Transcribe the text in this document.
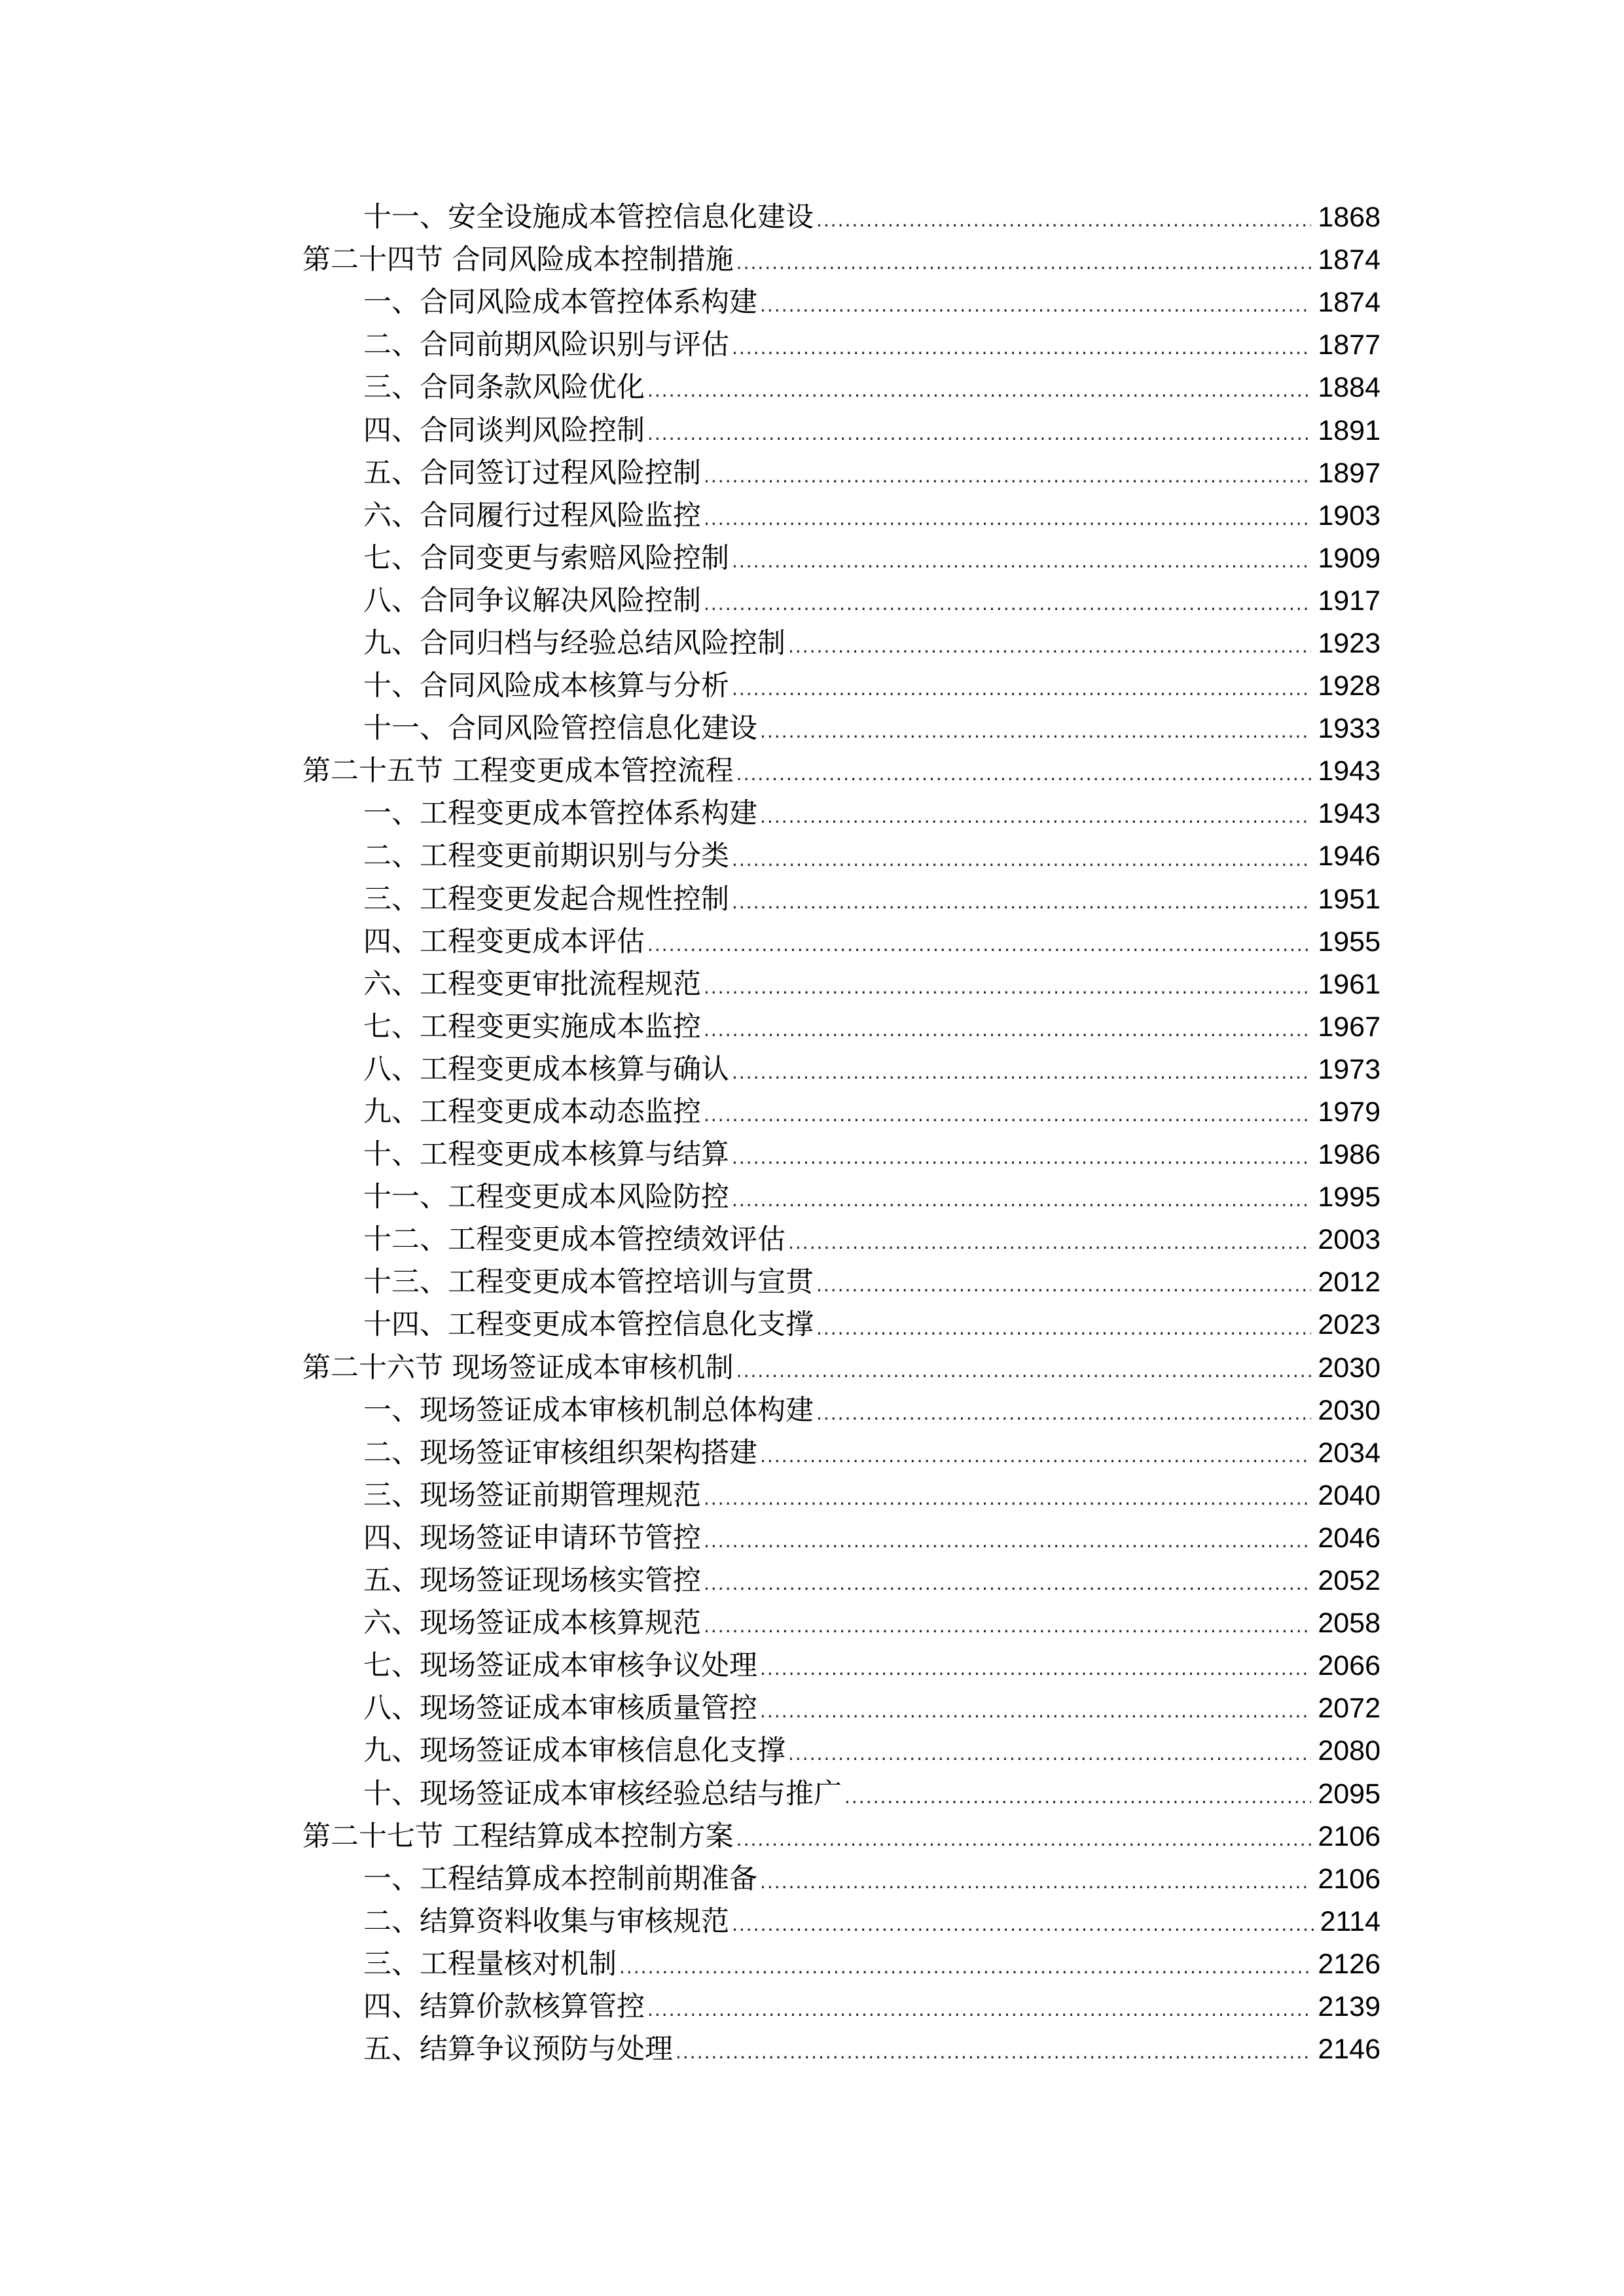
十一、安全设施成本管控信息化建设 .....	1868
第二十四节 合同风险成本控制措施 .....	1874
一、合同风险成本管控体系构建 .....	1874
二、合同前期风险识别与评估 .....	1877
三、合同条款风险优化 .....	1884
四、合同谈判风险控制 .....	1891
五、合同签订过程风险控制 .....	1897
六、合同履行过程风险监控 .....	1903
七、合同变更与索赔风险控制 .....	1909
八、合同争议解决风险控制 .....	1917
九、合同归档与经验总结风险控制 .....	1923
十、合同风险成本核算与分析 .....	1928
十一、合同风险管控信息化建设 .....	1933
第二十五节 工程变更成本管控流程 .....	1943
一、工程变更成本管控体系构建 .....	1943
二、工程变更前期识别与分类 .....	1946
三、工程变更发起合规性控制 .....	1951
四、工程变更成本评估 .....	1955
六、工程变更审批流程规范 .....	1961
七、工程变更实施成本监控 .....	1967
八、工程变更成本核算与确认 .....	1973
九、工程变更成本动态监控 .....	1979
十、工程变更成本核算与结算 .....	1986
十一、工程变更成本风险防控 .....	1995
十二、工程变更成本管控绩效评估 .....	2003
十三、工程变更成本管控培训与宣贯 .....	2012
十四、工程变更成本管控信息化支撑 .....	2023
第二十六节 现场签证成本审核机制 .....	2030
一、现场签证成本审核机制总体构建 .....	2030
二、现场签证审核组织架构搭建 .....	2034
三、现场签证前期管理规范 .....	2040
四、现场签证申请环节管控 .....	2046
五、现场签证现场核实管控 .....	2052
六、现场签证成本核算规范 .....	2058
七、现场签证成本审核争议处理 .....	2066
八、现场签证成本审核质量管控 .....	2072
九、现场签证成本审核信息化支撑 .....	2080
十、现场签证成本审核经验总结与推广 .....	2095
第二十七节 工程结算成本控制方案 .....	2106
一、工程结算成本控制前期准备 .....	2106
二、结算资料收集与审核规范 .....	2114
三、工程量核对机制 .....	2126
四、结算价款核算管控 .....	2139
五、结算争议预防与处理 .....	2146
